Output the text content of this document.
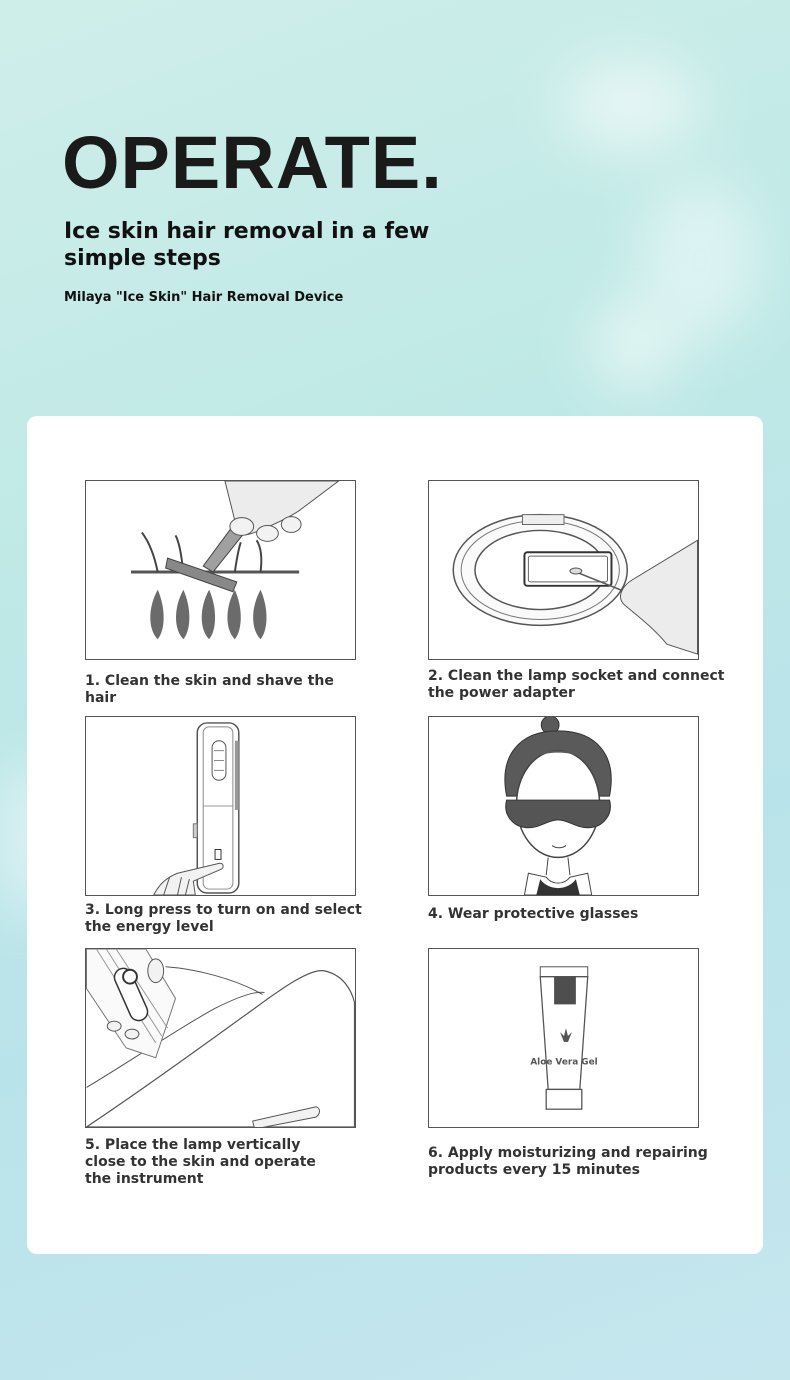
OPERATE.

Ice skin hair removal in a few simple steps

Milaya "Ice Skin" Hair Removal Device

1. Clean the skin and shave the hair

2. Clean the lamp socket and connect the power adapter

3. Long press to turn on and select the energy level

4. Wear protective glasses

5. Place the lamp vertically close to the skin and operate the instrument

Aloe Vera Gel

6. Apply moisturizing and repairing products every 15 minutes
